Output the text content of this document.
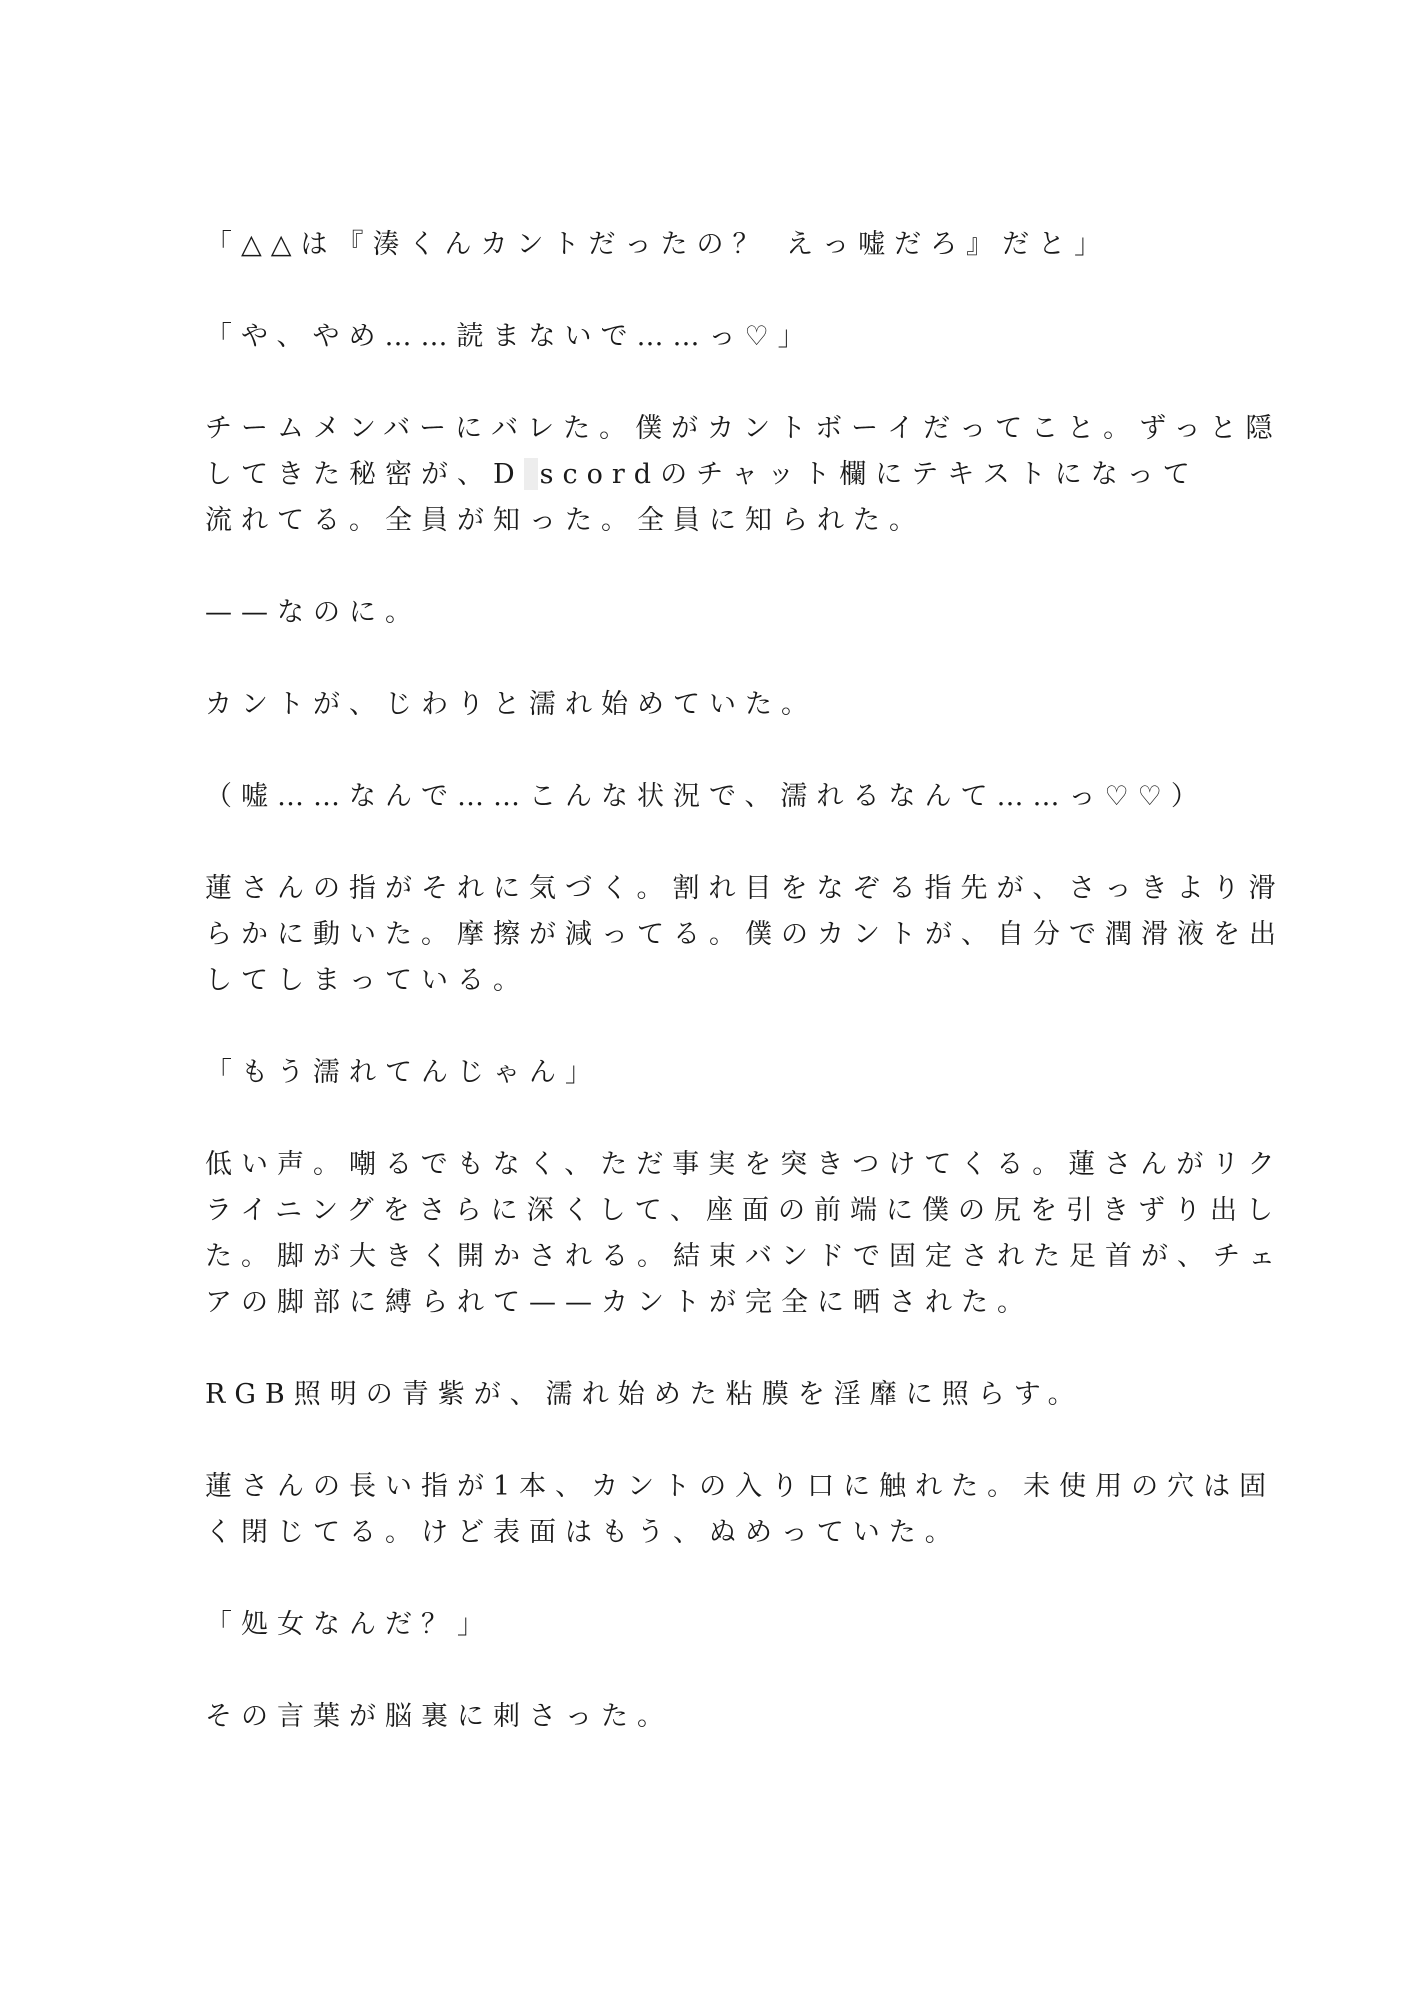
「△△は『湊くんカントだったの？ えっ嘘だろ』だと」
「や、やめ……読まないで……っ♡」
チームメンバーにバレた。僕がカントボーイだってこと。ずっと隠
してきた秘密が、D scordのチャット欄にテキストになって
流れてる。全員が知った。全員に知られた。
——なのに。
カントが、じわりと濡れ始めていた。
（嘘……なんで……こんな状況で、濡れるなんて……っ♡♡）
蓮さんの指がそれに気づく。割れ目をなぞる指先が、さっきより滑
らかに動いた。摩擦が減ってる。僕のカントが、自分で潤滑液を出
してしまっている。
「もう濡れてんじゃん」
低い声。嘲るでもなく、ただ事実を突きつけてくる。蓮さんがリク
ライニングをさらに深くして、座面の前端に僕の尻を引きずり出し
た。脚が大きく開かされる。結束バンドで固定された足首が、チェ
アの脚部に縛られて——カントが完全に晒された。
RGB照明の青紫が、濡れ始めた粘膜を淫靡に照らす。
蓮さんの長い指が1本、カントの入り口に触れた。未使用の穴は固
く閉じてる。けど表面はもう、ぬめっていた。
「処女なんだ？」
その言葉が脳裏に刺さった。
